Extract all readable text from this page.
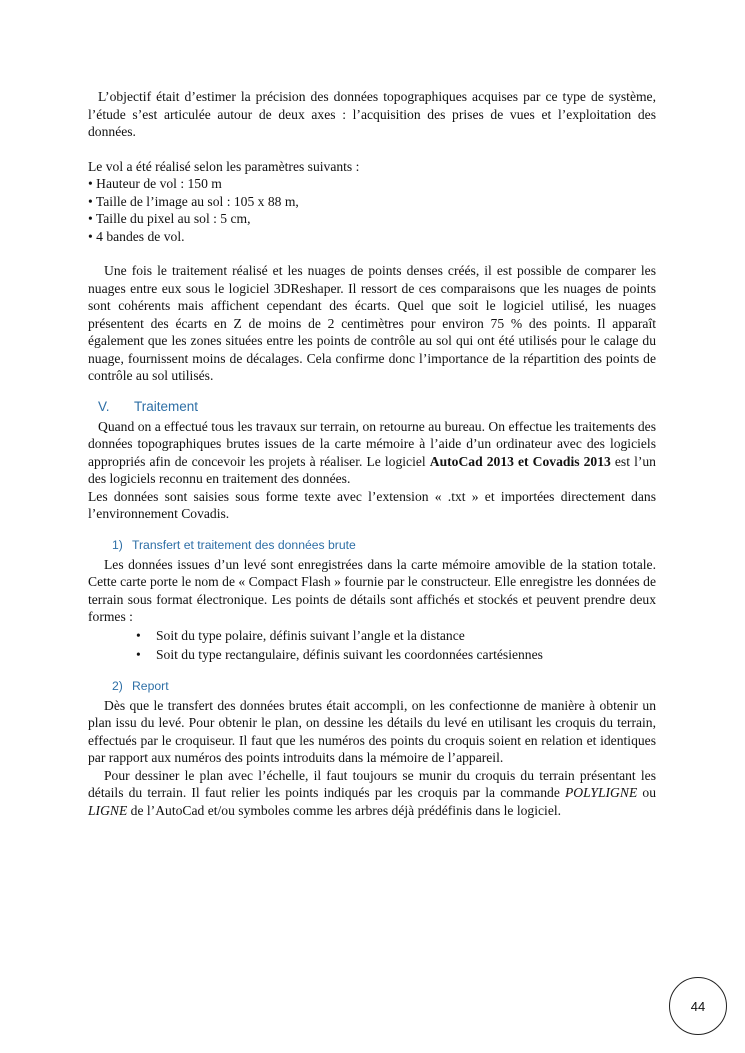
L’objectif était d’estimer la précision des données topographiques acquises par ce type de système, l’étude s’est articulée autour de deux axes : l’acquisition des prises de vues et l’exploitation des données.

Le vol a été réalisé selon les paramètres suivants :

• Hauteur de vol : 150 m

• Taille de l’image au sol : 105 x 88 m,

• Taille du pixel au sol : 5 cm,

• 4 bandes de vol.

Une fois le traitement réalisé et les nuages de points denses créés, il est possible de comparer les nuages entre eux sous le logiciel 3DReshaper. Il ressort de ces comparaisons que les nuages de points sont cohérents mais affichent cependant des écarts. Quel que soit le logiciel utilisé, les nuages présentent des écarts en Z de moins de 2 centimètres pour environ 75 % des points. Il apparaît également que les zones situées entre les points de contrôle au sol qui ont été utilisés pour le calage du nuage, fournissent moins de décalages. Cela confirme donc l’importance de la répartition des points de contrôle au sol utilisés.

V. Traitement

Quand on a effectué tous les travaux sur terrain, on retourne au bureau. On effectue les traitements des données topographiques brutes issues de la carte mémoire à l’aide d’un ordinateur avec des logiciels appropriés afin de concevoir les projets à réaliser. Le logiciel AutoCad 2013 et Covadis 2013 est l’un des logiciels reconnu en traitement des données.

Les données sont saisies sous forme texte avec l’extension « .txt » et importées directement dans l’environnement Covadis.

1) Transfert et traitement des données brute

Les données issues d’un levé sont enregistrées dans la carte mémoire amovible de la station totale. Cette carte porte le nom de « Compact Flash » fournie par le constructeur. Elle enregistre les données de terrain sous format électronique. Les points de détails sont affichés et stockés et peuvent prendre deux formes :

• Soit du type polaire, définis suivant l’angle et la distance
• Soit du type rectangulaire, définis suivant les coordonnées cartésiennes
2) Report

Dès que le transfert des données brutes était accompli, on les confectionne de manière à obtenir un plan issu du levé. Pour obtenir le plan, on dessine les détails du levé en utilisant les croquis du terrain, effectués par le croquiseur. Il faut que les numéros des points du croquis soient en relation et identiques par rapport aux numéros des points introduits dans la mémoire de l’appareil.

Pour dessiner le plan avec l’échelle, il faut toujours se munir du croquis du terrain présentant les détails du terrain. Il faut relier les points indiqués par les croquis par la commande POLYLIGNE ou LIGNE de l’AutoCad et/ou symboles comme les arbres déjà prédéfinis dans le logiciel.

44
